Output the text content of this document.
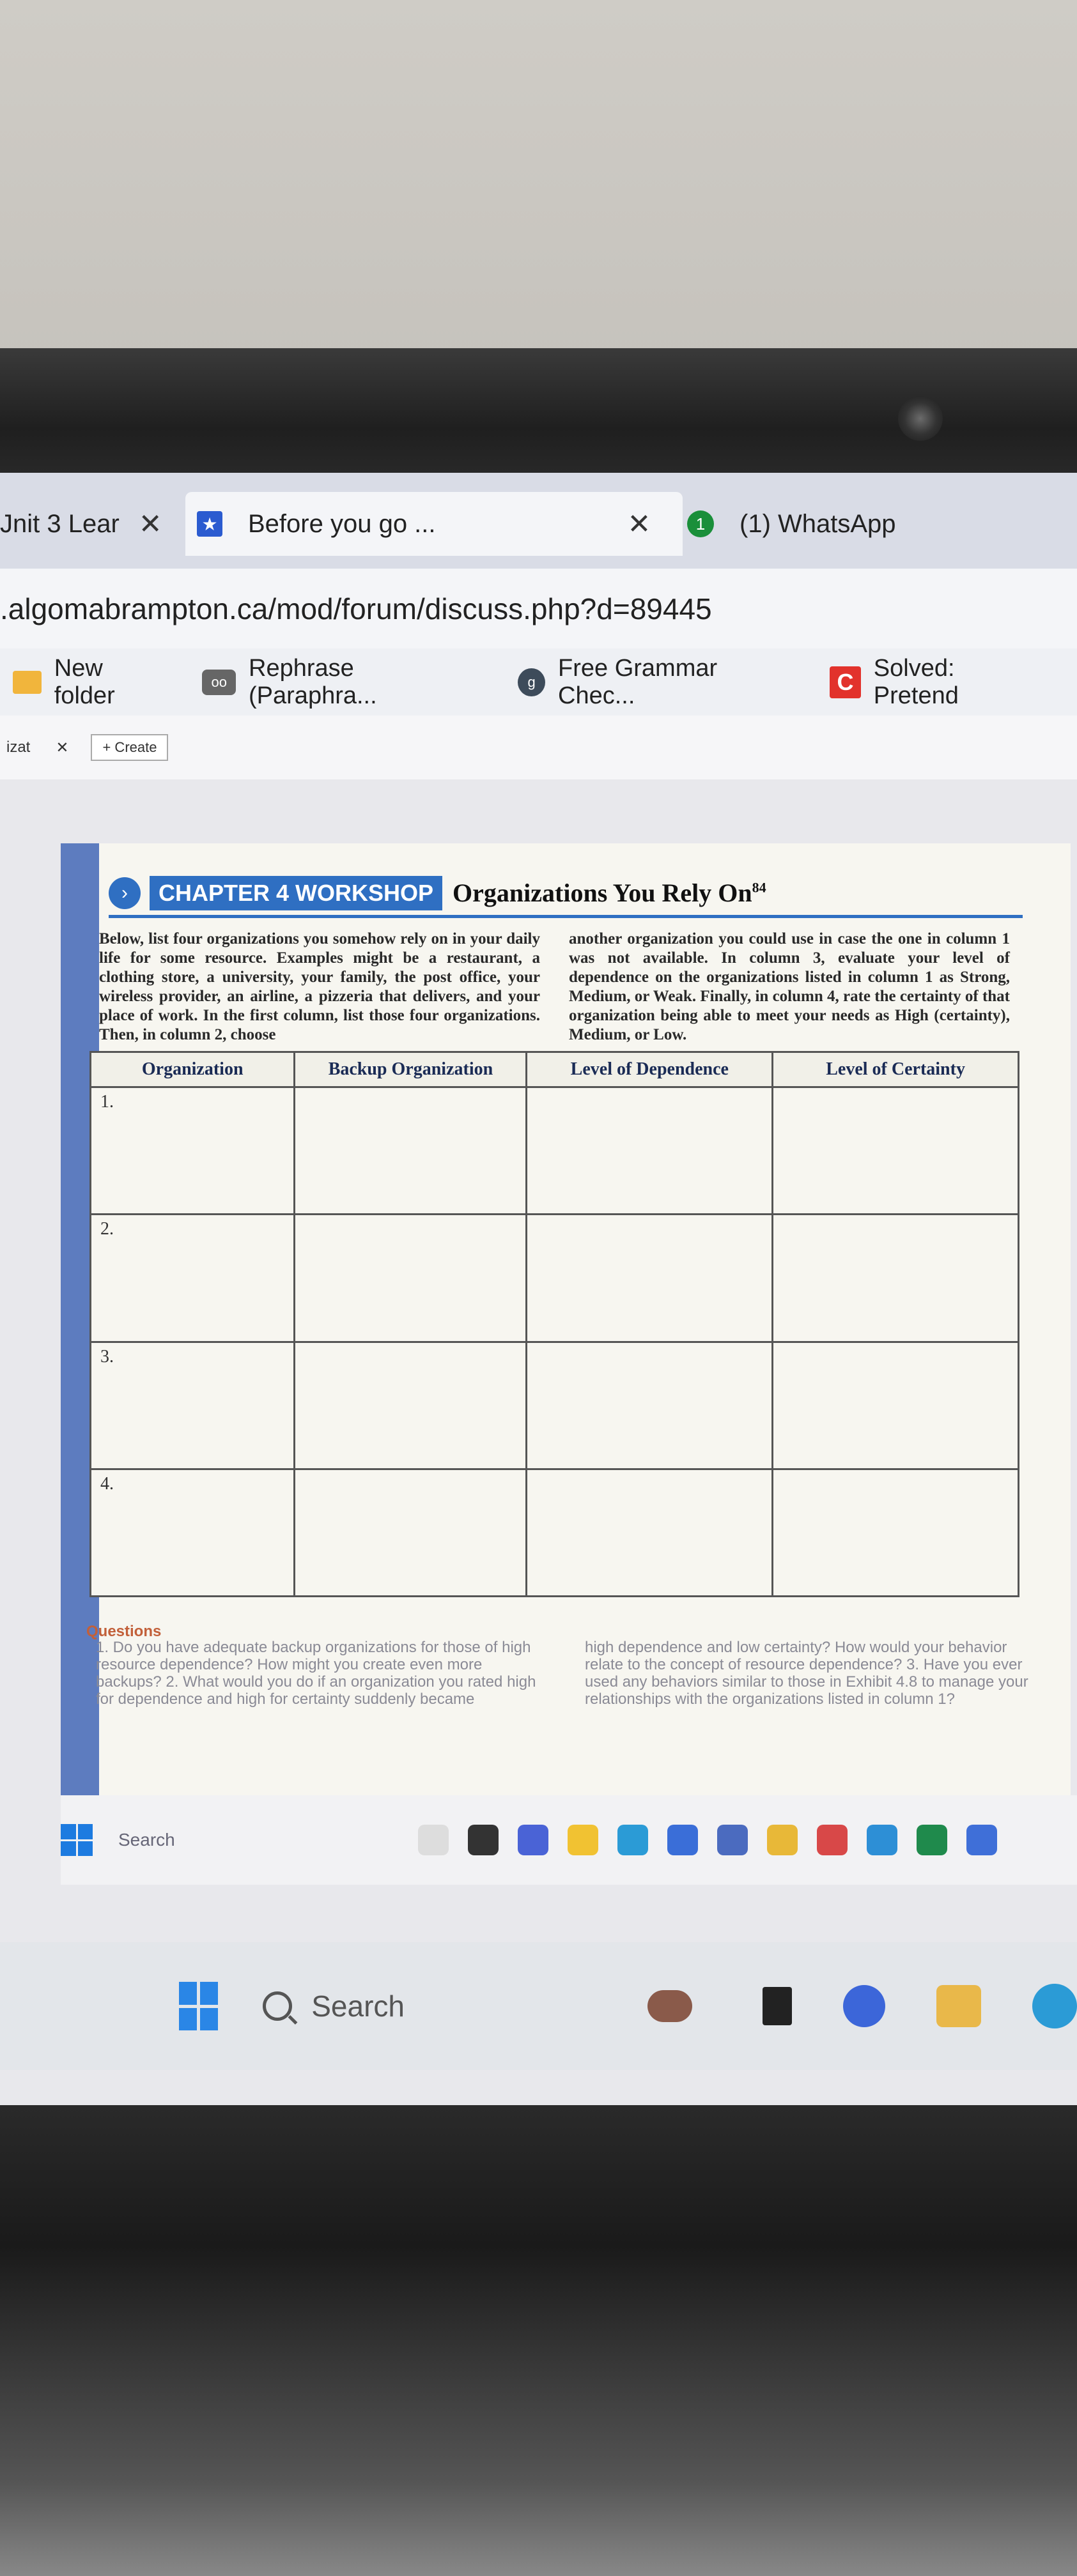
Jnit 3 Lear ✕ ★ Before you go ...	✕	1	(1) WhatsApp
.algomabrampton.ca/mod/forum/discuss.php?d=89445
New folder
oo
Rephrase (Paraphra...
g
Free Grammar Chec...
C
Solved: Pretend
izat ✕	+ Create
›	CHAPTER 4 WORKSHOP Organizations You Rely On$^{84}$
Below, list four organizations you somehow rely on in your daily life for some resource. Examples might be a restaurant, a clothing store, a university, your family, the post office, your wireless provider, an airline, a pizzeria that delivers, and your place of work. In the first column, list those four organizations. Then, in column 2, choose
another organization you could use in case the one in column 1 was not available. In column 3, evaluate your level of dependence on the organizations listed in column 1 as Strong, Medium, or Weak. Finally, in column 4, rate the certainty of that organization being able to meet your needs as High (certainty), Medium, or Low.
Organization	Backup Organization	Level of Dependence	Level of Certainty
1.			
2.			
3.			
4.			
Questions
1. Do you have adequate backup organizations for those of high resource dependence? How might you create even more backups? 2. What would you do if an organization you rated high for dependence and high for certainty suddenly became
high dependence and low certainty? How would your behavior relate to the concept of resource dependence? 3. Have you ever used any behaviors similar to those in Exhibit 4.8 to manage your relationships with the organizations listed in column 1?
Search
Search
